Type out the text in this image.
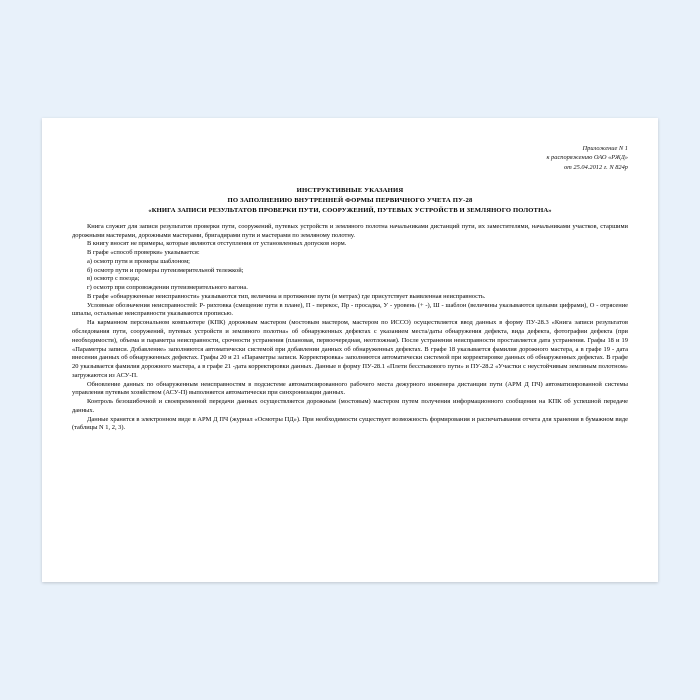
Приложение N 1
к распоряжению ОАО «РЖД»
от 25.04.2012 г. N 824р
ИНСТРУКТИВНЫЕ УКАЗАНИЯ
ПО ЗАПОЛНЕНИЮ ВНУТРЕННЕЙ ФОРМЫ ПЕРВИЧНОГО УЧЕТА ПУ-28
«КНИГА ЗАПИСИ РЕЗУЛЬТАТОВ ПРОВЕРКИ ПУТИ, СООРУЖЕНИЙ, ПУТЕВЫХ УСТРОЙСТВ И ЗЕМЛЯНОГО ПОЛОТНА»

Книга служит для записи результатов проверки пути, сооружений, путевых устройств и земляного полотна начальниками дистанций пути, их заместителями, начальниками участков, старшими дорожными мастерами, дорожными мастерами, бригадирами пути и мастерами по земляному полотну.

В книгу вносят не примеры, которые являются отступления от установленных допусков норм.

В графе «способ проверки» указывается:

а) осмотр пути и промеры шаблоном;

б) осмотр пути и промеры путеизмерительной тележкой;

в) осмотр с поезда;

г) осмотр при сопровождении путеизмерительного вагона.

В графе «обнаруженные неисправности» указываются тип, величина и протяжение пути (в метрах) где присутствует выявленная неисправность.

Условные обозначения неисправностей: Р- рихтовка (смещение пути в плане), П - перекос, Пр - просадка, У - уровень (+ -), Ш - шаблон (величины указываются целыми цифрами), О - отрясение шпалы, остальные неисправности указываются прописью.

На карманном персональном компьютере (КПК) дорожным мастером (мостовым мастером, мастером по ИССО) осуществляется ввод данных в форму ПУ-28.3 «Книга записи результатов обследования пути, сооружений, путевых устройств и земляного полотна» об обнаруженных дефектах с указанием места/даты обнаружения дефекта, вида дефекта, фотографии дефекта (при необходимости), объема и параметра неисправности, срочности устранения (плановая, первоочередная, неотложная). После устранения неисправности проставляется дата устранения. Графы 18 и 19 «Параметры записи. Добавление» заполняются автоматически системой при добавлении данных об обнаруженных дефектах. В графе 18 указывается фамилия дорожного мастера, а в графе 19 - дата внесения данных об обнаруженных дефектах. Графы 20 и 21 «Параметры записи. Корректировка» заполняются автоматически системой при корректировке данных об обнаруженных дефектах. В графе 20 указывается фамилия дорожного мастера, а в графе 21 -дата корректировки данных. Данные в форму ПУ-28.1 «Плети бесстыкового пути» и ПУ-28.2 «Участки с неустойчивым земляным полотном» загружаются из АСУ-П.

Обновление данных по обнаруженным неисправностям в подсистеме автоматизированного рабочего места дежурного инженера дистанции пути (АРМ Д ПЧ) автоматизированной системы управления путевым хозяйством (АСУ-П) выполняется автоматически при синхронизации данных.

Контроль безошибочной и своевременной передачи данных осуществляется дорожным (мостовым) мастером путем получения информационного сообщения на КПК об успешной передаче данных.

Данные хранятся в электронном виде в АРМ Д ПЧ (журнал «Осмотры ПД»). При необходимости существует возможность формирования и распечатывания отчета для хранения в бумажном виде (таблицы N 1, 2, 3).
